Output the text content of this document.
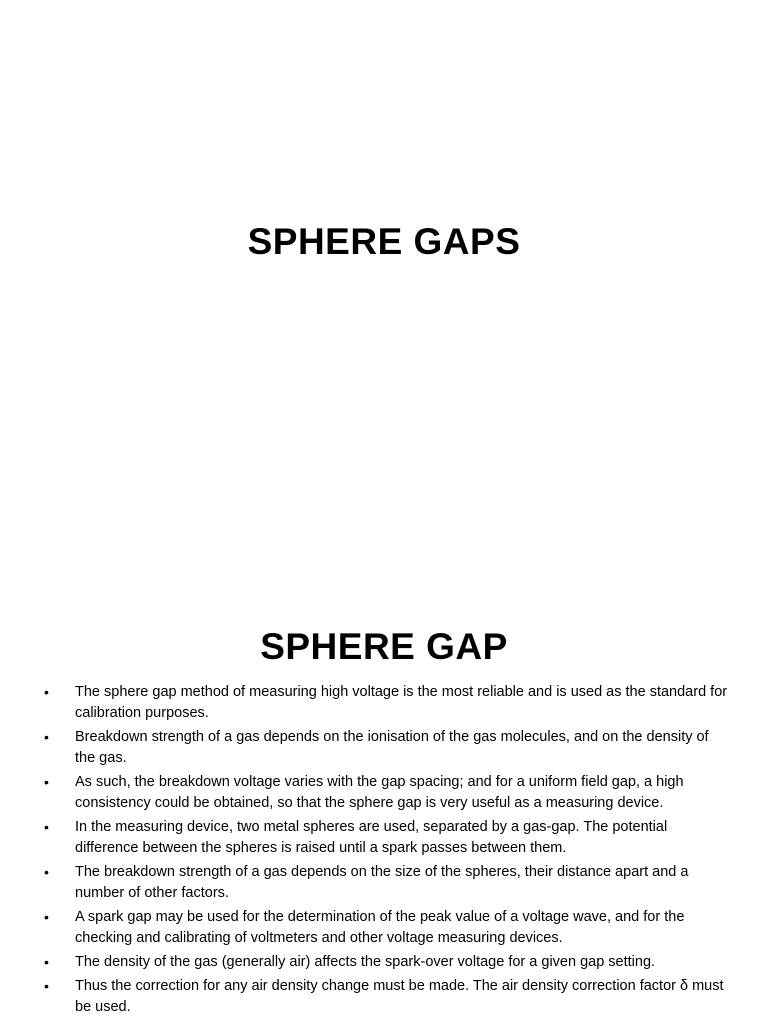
SPHERE GAPS
SPHERE GAP
• The sphere gap method of measuring high voltage is the most reliable and is used as the standard for calibration purposes.
• Breakdown strength of a gas depends on the ionisation of the gas molecules, and on the density of the gas.
• As such, the breakdown voltage varies with the gap spacing; and for a uniform field gap, a high consistency could be obtained, so that the sphere gap is very useful as a measuring device.
• In the measuring device, two metal spheres are used, separated by a gas-gap. The potential difference between the spheres is raised until a spark passes between them.
• The breakdown strength of a gas depends on the size of the spheres, their distance apart and a number of other factors.
• A spark gap may be used for the determination of the peak value of a voltage wave, and for the checking and calibrating of voltmeters and other voltage measuring devices.
• The density of the gas (generally air) affects the spark-over voltage for a given gap setting.
• Thus the correction for any air density change must be made. The air density correction factor δ must be used.
